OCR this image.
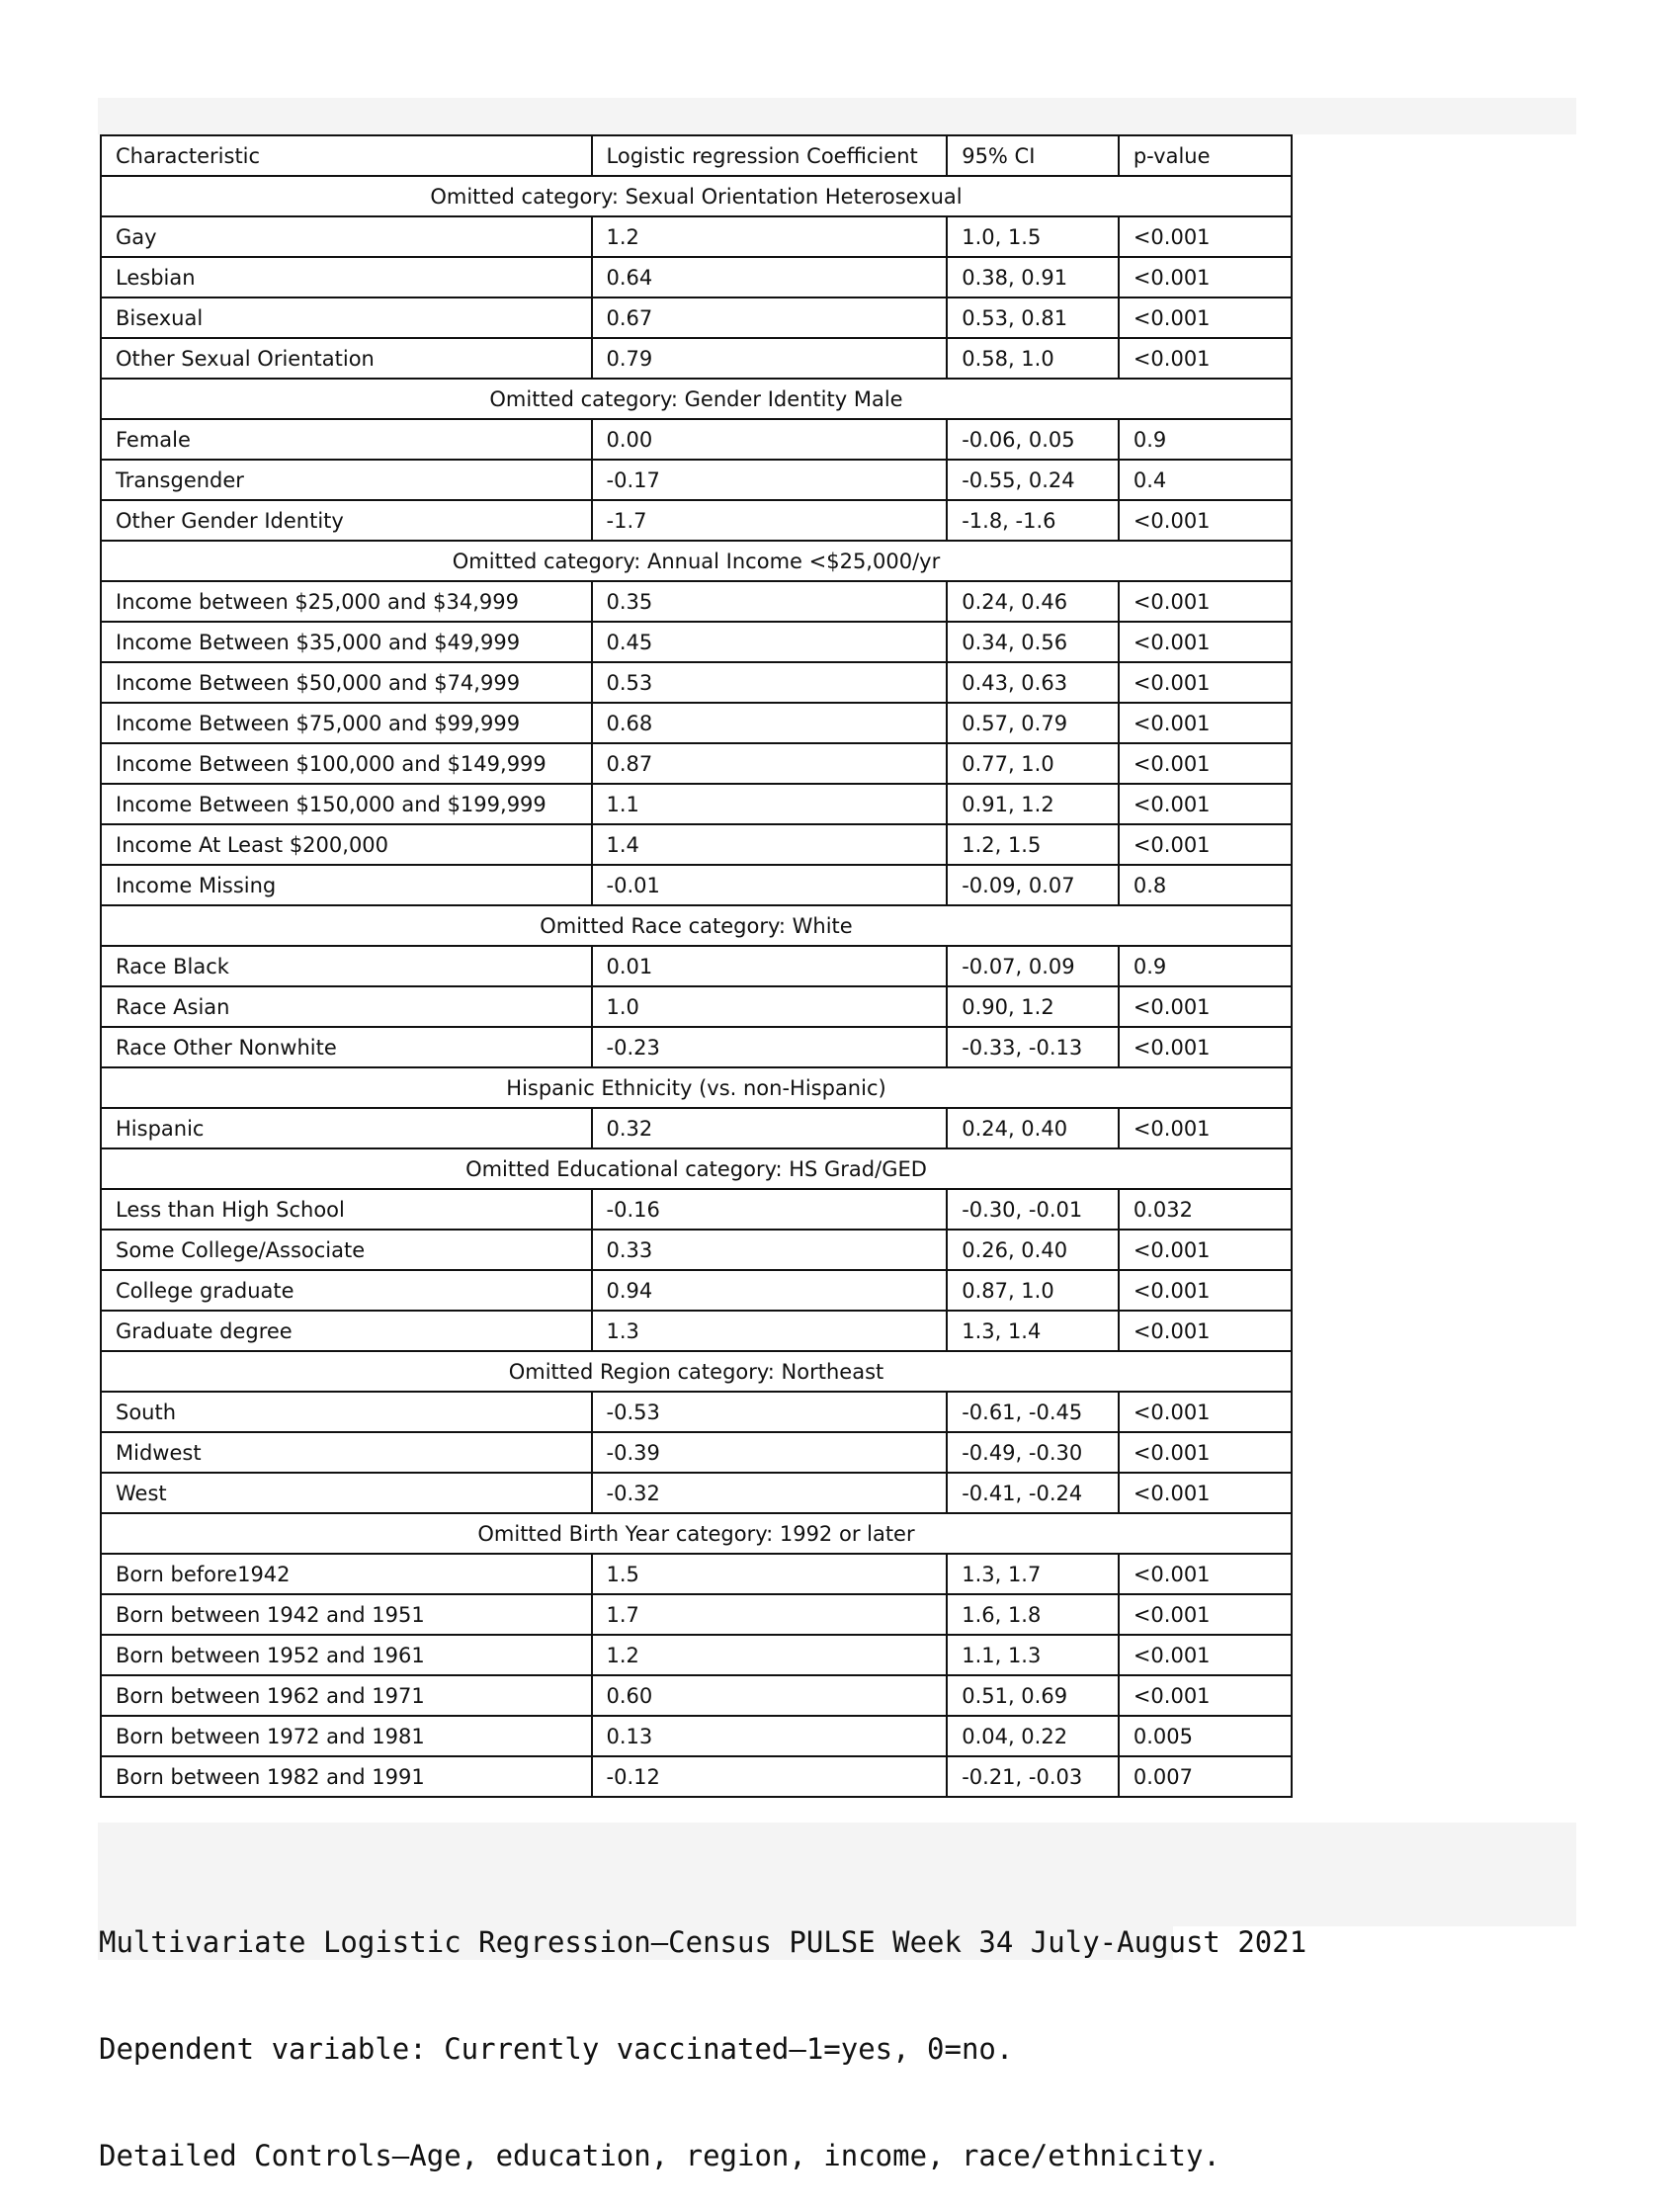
Characteristic	Logistic regression Coefficient	95% CI	p-value
Omitted category: Sexual Orientation Heterosexual			
Gay	1.2	1.0, 1.5	<0.001
Lesbian	0.64	0.38, 0.91	<0.001
Bisexual	0.67	0.53, 0.81	<0.001
Other Sexual Orientation	0.79	0.58, 1.0	<0.001
Omitted category: Gender Identity Male			
Female	0.00	-0.06, 0.05	0.9
Transgender	-0.17	-0.55, 0.24	0.4
Other Gender Identity	-1.7	-1.8, -1.6	<0.001
Omitted category: Annual Income <$25,000/yr			
Income between $25,000 and $34,999	0.35	0.24, 0.46	<0.001
Income Between $35,000 and $49,999	0.45	0.34, 0.56	<0.001
Income Between $50,000 and $74,999	0.53	0.43, 0.63	<0.001
Income Between $75,000 and $99,999	0.68	0.57, 0.79	<0.001
Income Between $100,000 and $149,999	0.87	0.77, 1.0	<0.001
Income Between $150,000 and $199,999	1.1	0.91, 1.2	<0.001
Income At Least $200,000	1.4	1.2, 1.5	<0.001
Income Missing	-0.01	-0.09, 0.07	0.8
Omitted Race category: White			
Race Black	0.01	-0.07, 0.09	0.9
Race Asian	1.0	0.90, 1.2	<0.001
Race Other Nonwhite	-0.23	-0.33, -0.13	<0.001
Hispanic Ethnicity (vs. non-Hispanic)			
Hispanic	0.32	0.24, 0.40	<0.001
Omitted Educational category: HS Grad/GED			
Less than High School	-0.16	-0.30, -0.01	0.032
Some College/Associate	0.33	0.26, 0.40	<0.001
College graduate	0.94	0.87, 1.0	<0.001
Graduate degree	1.3	1.3, 1.4	<0.001
Omitted Region category: Northeast			
South	-0.53	-0.61, -0.45	<0.001
Midwest	-0.39	-0.49, -0.30	<0.001
West	-0.32	-0.41, -0.24	<0.001
Omitted Birth Year category: 1992 or later			
Born before1942	1.5	1.3, 1.7	<0.001
Born between 1942 and 1951	1.7	1.6, 1.8	<0.001
Born between 1952 and 1961	1.2	1.1, 1.3	<0.001
Born between 1962 and 1971	0.60	0.51, 0.69	<0.001
Born between 1972 and 1981	0.13	0.04, 0.22	0.005
Born between 1982 and 1991	-0.12	-0.21, -0.03	0.007

Multivariate Logistic Regression—Census PULSE Week 34 July-August 2021

Dependent variable: Currently vaccinated—1=yes, 0=no.

Detailed Controls—Age, education, region, income, race/ethnicity.
